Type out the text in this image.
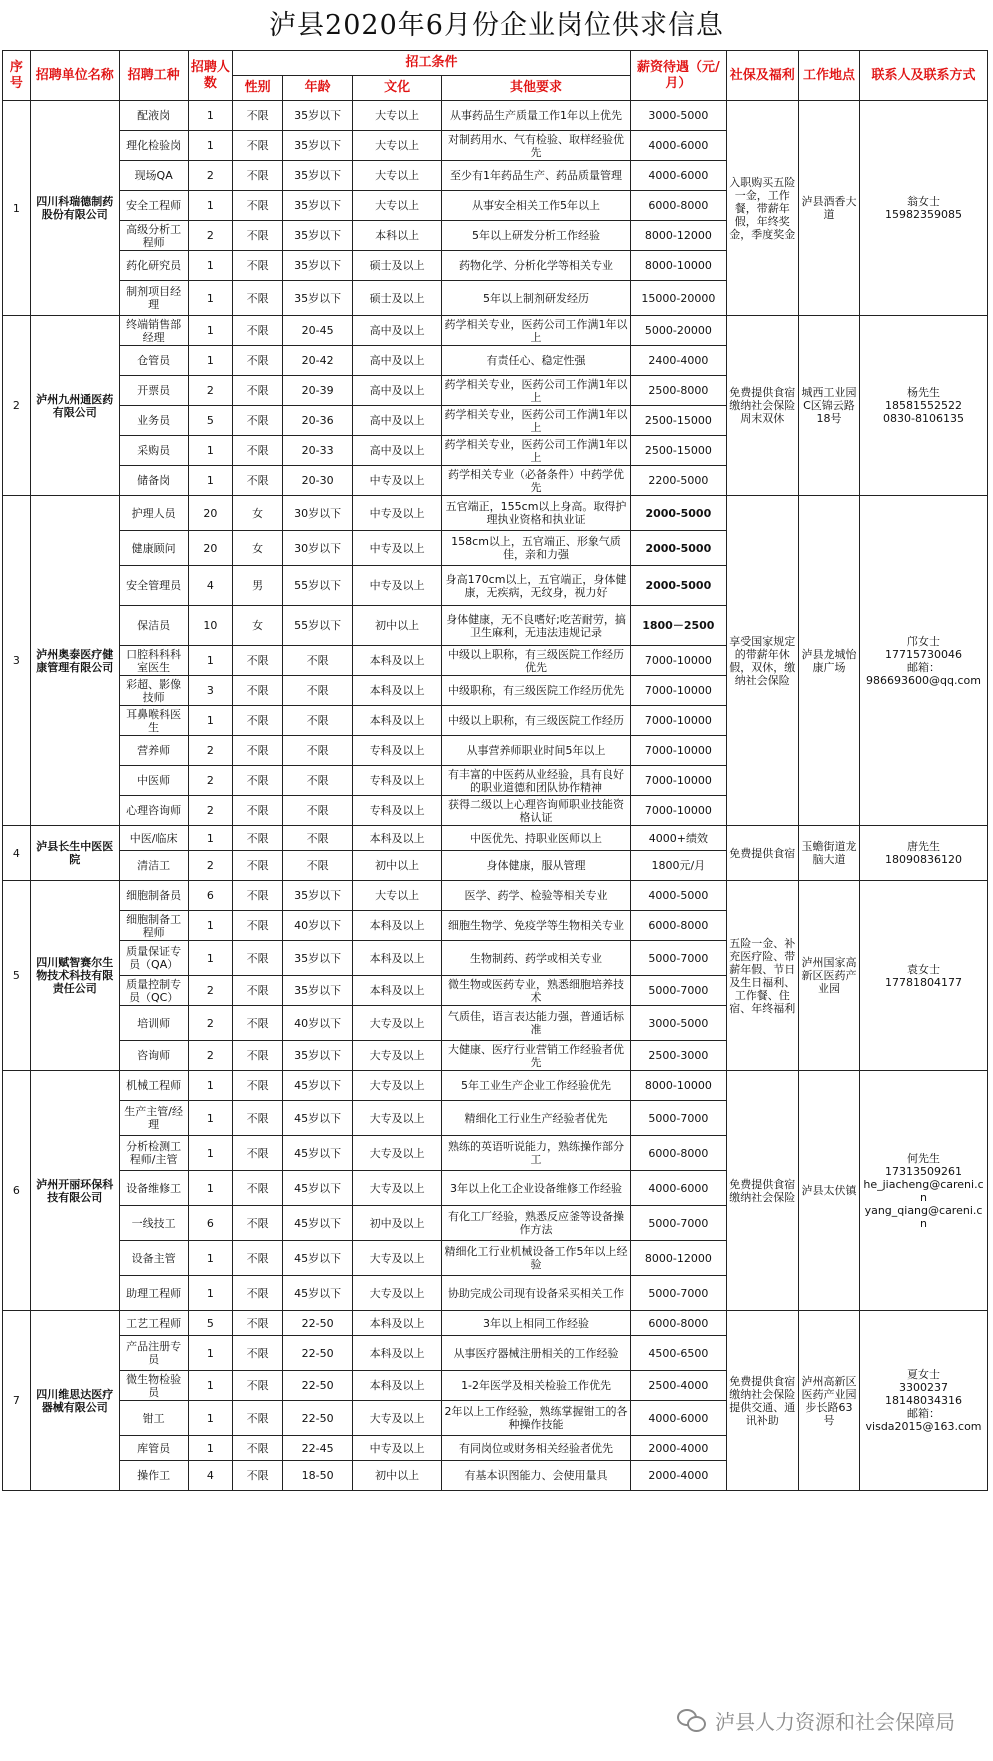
泸县2020年6月份企业岗位供求信息
序号	招聘单位名称	招聘工种	招聘人数	招工条件				薪资待遇（元/月）	社保及福利	工作地点	联系人及联系方式
				性别	年龄	文化	其他要求				
1	四川科瑞德制药股份有限公司	配液岗	1	不限	35岁以下	大专以上	从事药品生产质量工作1年以上优先	3000-5000	入职购买五险一金，工作餐，带薪年假，年终奖金，季度奖金	泸县酒香大道	翁女士
15982359085
		理化检验岗	1	不限	35岁以下	大专以上	对制药用水、气有检验、取样经验优先	4000-6000			
		现场QA	2	不限	35岁以下	大专以上	至少有1年药品生产、药品质量管理	4000-6000			
		安全工程师	1	不限	35岁以下	大专以上	从事安全相关工作5年以上	6000-8000			
		高级分析工程师	2	不限	35岁以下	本科以上	5年以上研发分析工作经验	8000-12000			
		药化研究员	1	不限	35岁以下	硕士及以上	药物化学、分析化学等相关专业	8000-10000			
		制剂项目经理	1	不限	35岁以下	硕士及以上	5年以上制剂研发经历	15000-20000			
2	泸州九州通医药有限公司	终端销售部经理	1	不限	20-45	高中及以上	药学相关专业，医药公司工作满1年以上	5000-20000	免费提供食宿
缴纳社会保险
周末双休	城西工业园C区锦云路18号	杨先生
18581552522
0830-8106135
		仓管员	1	不限	20-42	高中及以上	有责任心、稳定性强	2400-4000			
		开票员	2	不限	20-39	高中及以上	药学相关专业，医药公司工作满1年以上	2500-8000			
		业务员	5	不限	20-36	高中及以上	药学相关专业，医药公司工作满1年以上	2500-15000			
		采购员	1	不限	20-33	高中及以上	药学相关专业，医药公司工作满1年以上	2500-15000			
		储备岗	1	不限	20-30	中专及以上	药学相关专业（必备条件）中药学优先	2200-5000			
3	泸州奥泰医疗健康管理有限公司	护理人员	20	女	30岁以下	中专及以上	五官端正，155cm以上身高。取得护理执业资格和执业证	2000-5000	享受国家规定的带薪年休假，双休，缴纳社会保险	泸县龙城怡康广场	邝女士
17715730046
邮箱：
986693600@qq.com
		健康顾问	20	女	30岁以下	中专及以上	158cm以上，五官端正、形象气质佳，亲和力强	2000-5000			
		安全管理员	4	男	55岁以下	中专及以上	身高170cm以上，五官端正，身体健康，无疾病，无纹身，视力好	2000-5000			
		保洁员	10	女	55岁以下	初中以上	身体健康，无不良嗜好;吃苦耐劳，搞卫生麻利，无违法违规记录	1800－2500			
		口腔科科科室医生	1	不限	不限	本科及以上	中级以上职称，有三级医院工作经历优先	7000-10000			
		彩超、影像技师	3	不限	不限	本科及以上	中级职称，有三级医院工作经历优先	7000-10000			
		耳鼻喉科医生	1	不限	不限	本科及以上	中级以上职称，有三级医院工作经历	7000-10000			
		营养师	2	不限	不限	专科及以上	从事营养师职业时间5年以上	7000-10000			
		中医师	2	不限	不限	专科及以上	有丰富的中医药从业经验，具有良好的职业道德和团队协作精神	7000-10000			
		心理咨询师	2	不限	不限	专科及以上	获得二级以上心理咨询师职业技能资格认证	7000-10000			
4	泸县长生中医医院	中医/临床	1	不限	不限	本科及以上	中医优先、持职业医师以上	4000+绩效	免费提供食宿	玉蟾街道龙脑大道	唐先生
18090836120
		清洁工	2	不限	不限	初中以上	身体健康，服从管理	1800元/月			
5	四川赋智赛尔生物技术科技有限责任公司	细胞制备员	6	不限	35岁以下	大专以上	医学、药学、检验等相关专业	4000-5000	五险一金、补充医疗险、带薪年假、节日及生日福利、工作餐、住宿、年终福利	泸州国家高新区医药产业园	袁女士
17781804177
		细胞制备工程师	1	不限	40岁以下	本科及以上	细胞生物学、免疫学等生物相关专业	6000-8000			
		质量保证专员（QA）	1	不限	35岁以下	本科及以上	生物制药、药学或相关专业	5000-7000			
		质量控制专员（QC）	2	不限	35岁以下	本科及以上	微生物或医药专业，熟悉细胞培养技术	5000-7000			
		培训师	2	不限	40岁以下	大专及以上	气质佳，语言表达能力强，普通话标准	3000-5000			
		咨询师	2	不限	35岁以下	大专及以上	大健康、医疗行业营销工作经验者优先	2500-3000			
6	泸州开丽环保科技有限公司	机械工程师	1	不限	45岁以下	大专及以上	5年工业生产企业工作经验优先	8000-10000	免费提供食宿
缴纳社会保险	泸县太伏镇	何先生
17313509261
he_jiacheng@careni.cn
yang_qiang@careni.cn
		生产主管/经理	1	不限	45岁以下	大专及以上	精细化工行业生产经验者优先	5000-7000			
		分析检测工程师/主管	1	不限	45岁以下	大专及以上	熟练的英语听说能力，熟练操作部分工	6000-8000			
		设备维修工	1	不限	45岁以下	大专及以上	3年以上化工企业设备维修工作经验	4000-6000			
		一线技工	6	不限	45岁以下	初中及以上	有化工厂经验，熟悉反应釜等设备操作方法	5000-7000			
		设备主管	1	不限	45岁以下	大专及以上	精细化工行业机械设备工作5年以上经验	8000-12000			
		助理工程师	1	不限	45岁以下	大专及以上	协助完成公司现有设备采买相关工作	5000-7000			
7	四川维思达医疗器械有限公司	工艺工程师	5	不限	22-50	本科及以上	3年以上相同工作经验	6000-8000	免费提供食宿
缴纳社会保险
提供交通、通讯补助	泸州高新区医药产业园步长路63号	夏女士
3300237
18148034316
邮箱：
visda2015@163.com
		产品注册专员	1	不限	22-50	本科及以上	从事医疗器械注册相关的工作经验	4500-6500			
		微生物检验员	1	不限	22-50	本科及以上	1-2年医学及相关检验工作优先	2500-4000			
		钳工	1	不限	22-50	大专及以上	2年以上工作经验，熟练掌握钳工的各种操作技能	4000-6000			
		库管员	1	不限	22-45	中专及以上	有同岗位或财务相关经验者优先	2000-4000			
		操作工	4	不限	18-50	初中以上	有基本识图能力、会使用量具	2000-4000			
泸县人力资源和社会保障局
